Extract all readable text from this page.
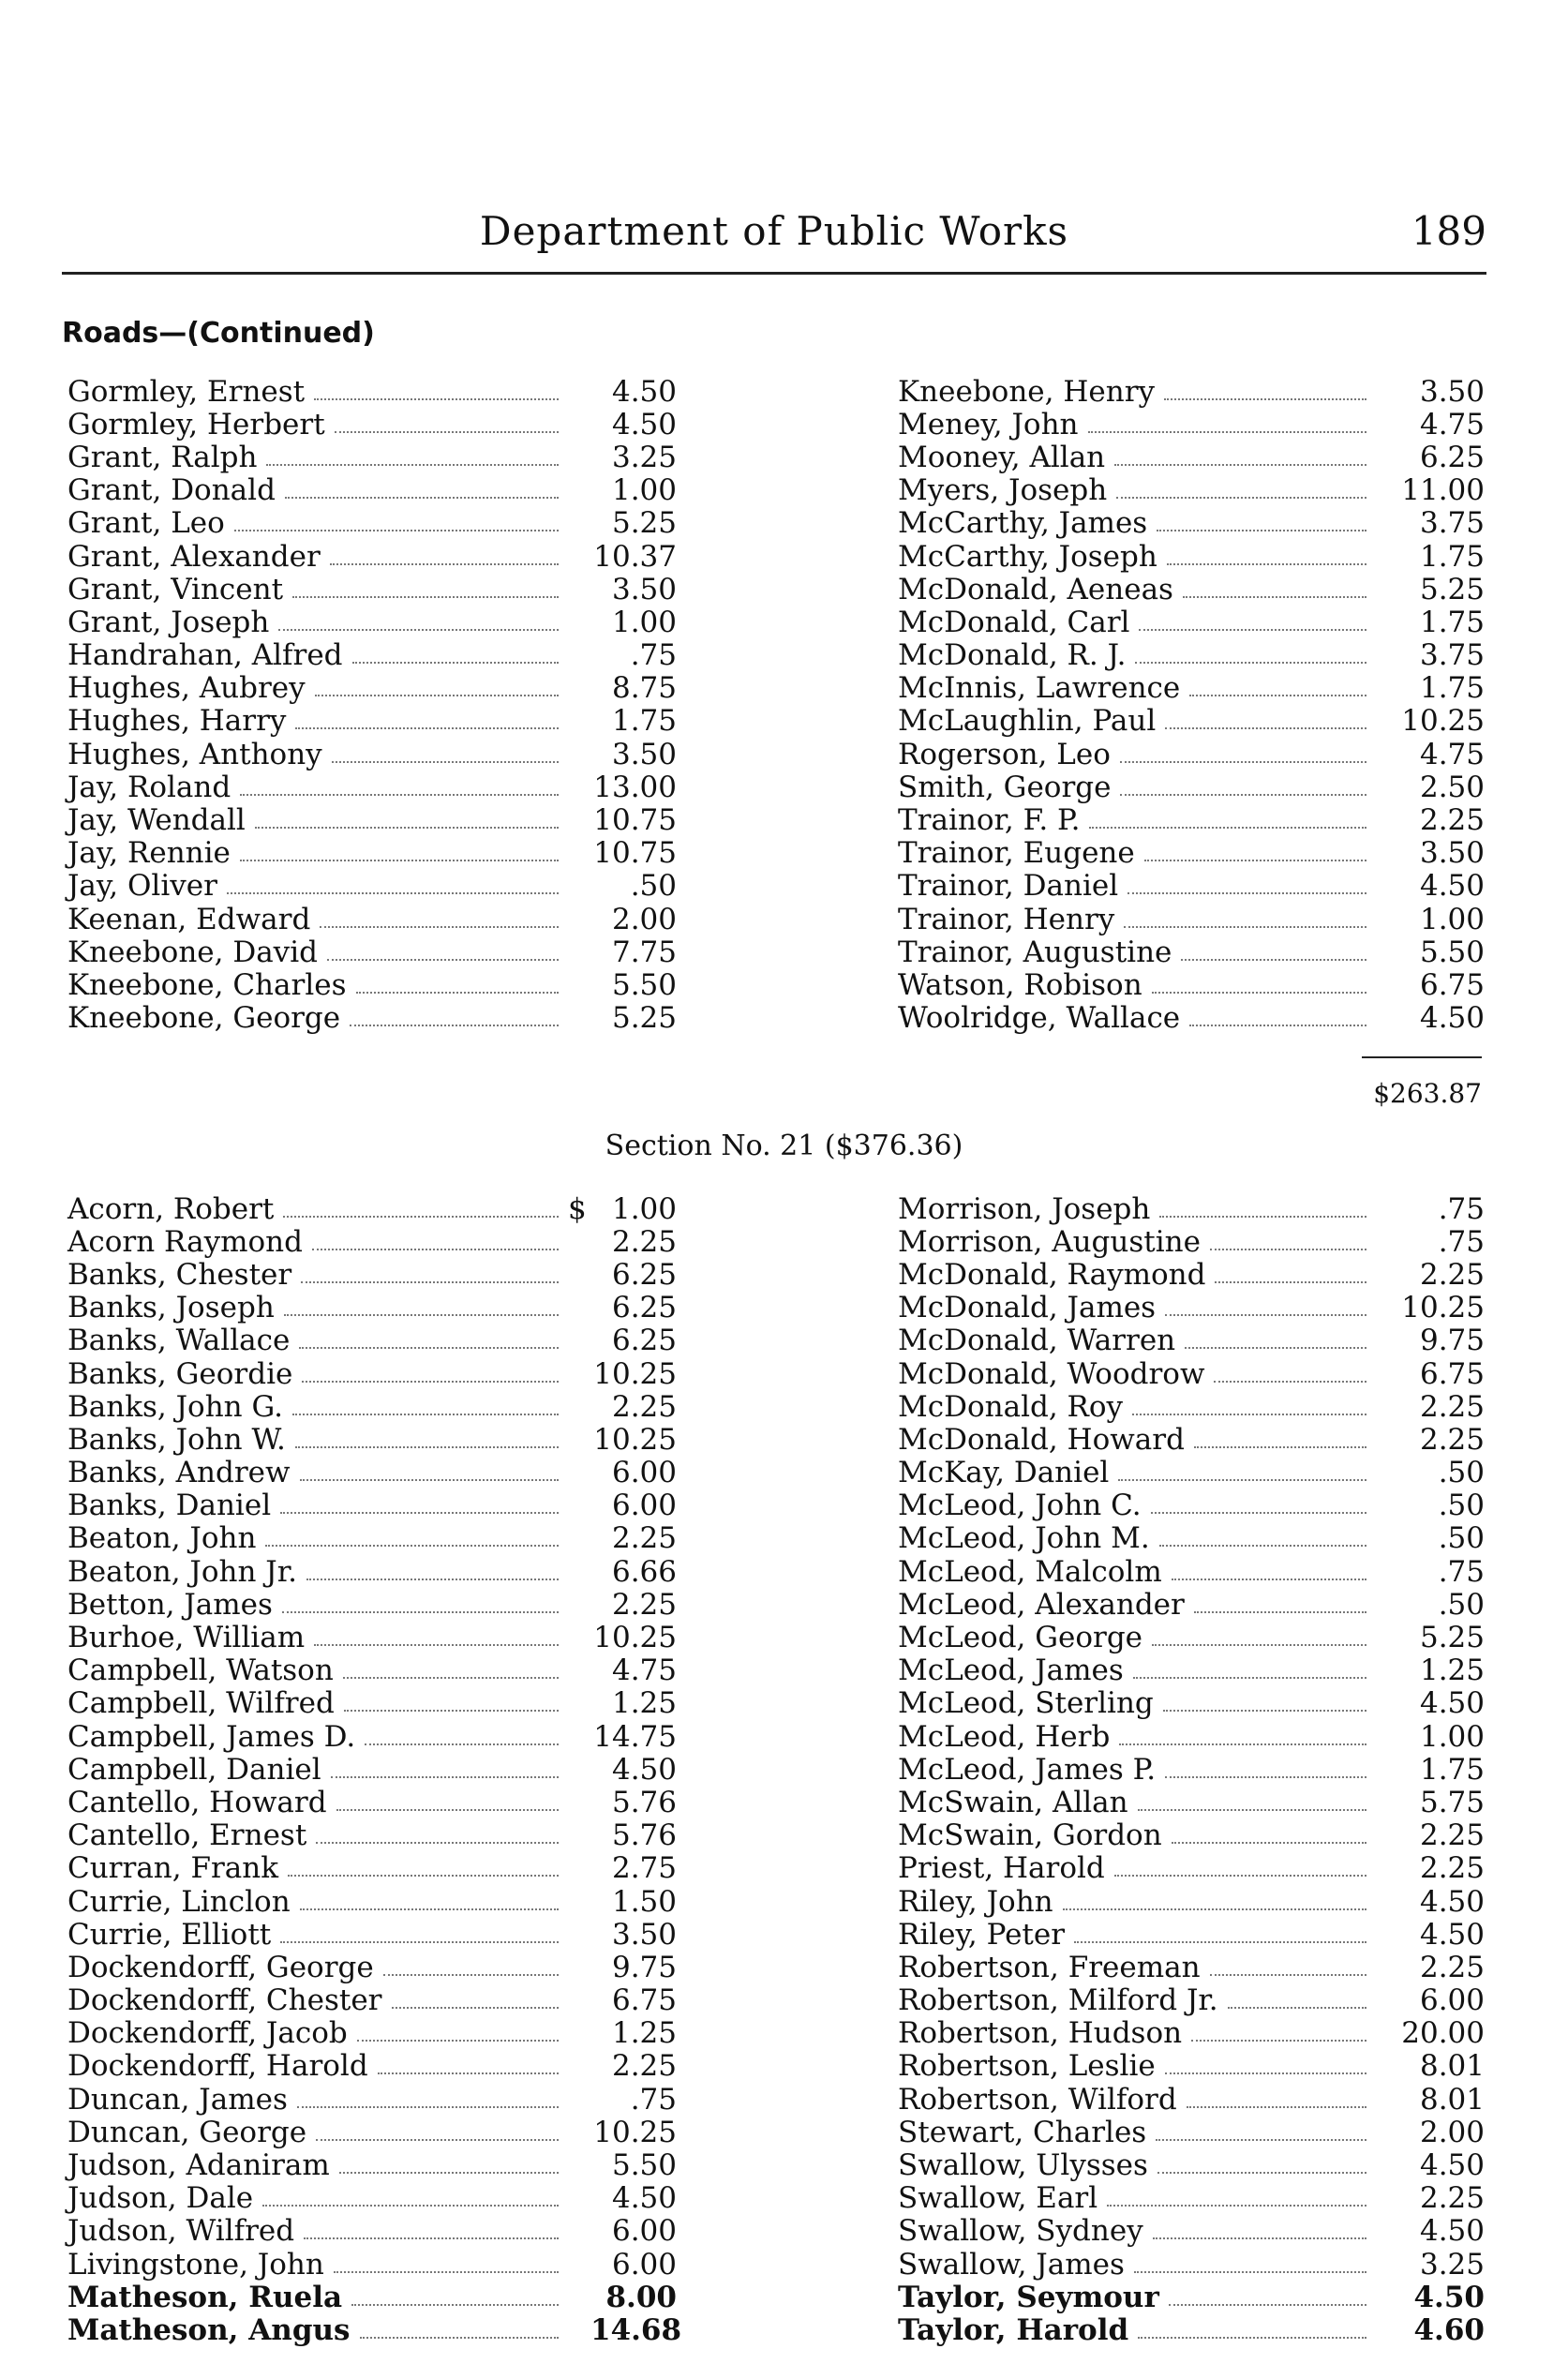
Department of Public Works	189
Roads—(Continued)
Gormley, Ernest	4.50
Gormley, Herbert	4.50
Grant, Ralph	3.25
Grant, Donald	1.00
Grant, Leo	5.25
Grant, Alexander	10.37
Grant, Vincent	3.50
Grant, Joseph	1.00
Handrahan, Alfred	.75
Hughes, Aubrey	8.75
Hughes, Harry	1.75
Hughes, Anthony	3.50
Jay, Roland	13.00
Jay, Wendall	10.75
Jay, Rennie	10.75
Jay, Oliver	.50
Keenan, Edward	2.00
Kneebone, David	7.75
Kneebone, Charles	5.50
Kneebone, George	5.25
Kneebone, Henry	3.50
Meney, John	4.75
Mooney, Allan	6.25
Myers, Joseph	11.00
McCarthy, James	3.75
McCarthy, Joseph	1.75
McDonald, Aeneas	5.25
McDonald, Carl	1.75
McDonald, R. J.	3.75
McInnis, Lawrence	1.75
McLaughlin, Paul	10.25
Rogerson, Leo	4.75
Smith, George	2.50
Trainor, F. P.	2.25
Trainor, Eugene	3.50
Trainor, Daniel	4.50
Trainor, Henry	1.00
Trainor, Augustine	5.50
Watson, Robison	6.75
Woolridge, Wallace	4.50
$263.87
Section No. 21 ($376.36)
Acorn, Robert	$ 1.00
Acorn Raymond	2.25
Banks, Chester	6.25
Banks, Joseph	6.25
Banks, Wallace	6.25
Banks, Geordie	10.25
Banks, John G.	2.25
Banks, John W.	10.25
Banks, Andrew	6.00
Banks, Daniel	6.00
Beaton, John	2.25
Beaton, John Jr.	6.66
Betton, James	2.25
Burhoe, William	10.25
Campbell, Watson	4.75
Campbell, Wilfred	1.25
Campbell, James D.	14.75
Campbell, Daniel	4.50
Cantello, Howard	5.76
Cantello, Ernest	5.76
Curran, Frank	2.75
Currie, Linclon	1.50
Currie, Elliott	3.50
Dockendorff, George	9.75
Dockendorff, Chester	6.75
Dockendorff, Jacob	1.25
Dockendorff, Harold	2.25
Duncan, James	.75
Duncan, George	10.25
Judson, Adaniram	5.50
Judson, Dale	4.50
Judson, Wilfred	6.00
Livingstone, John	6.00
Matheson, Ruela	8.00
Matheson, Angus	14.68
Morrison, Joseph	.75
Morrison, Augustine	.75
McDonald, Raymond	2.25
McDonald, James	10.25
McDonald, Warren	9.75
McDonald, Woodrow	6.75
McDonald, Roy	2.25
McDonald, Howard	2.25
McKay, Daniel	.50
McLeod, John C.	.50
McLeod, John M.	.50
McLeod, Malcolm	.75
McLeod, Alexander	.50
McLeod, George	5.25
McLeod, James	1.25
McLeod, Sterling	4.50
McLeod, Herb	1.00
McLeod, James P.	1.75
McSwain, Allan	5.75
McSwain, Gordon	2.25
Priest, Harold	2.25
Riley, John	4.50
Riley, Peter	4.50
Robertson, Freeman	2.25
Robertson, Milford Jr.	6.00
Robertson, Hudson	20.00
Robertson, Leslie	8.01
Robertson, Wilford	8.01
Stewart, Charles	2.00
Swallow, Ulysses	4.50
Swallow, Earl	2.25
Swallow, Sydney	4.50
Swallow, James	3.25
Taylor, Seymour	4.50
Taylor, Harold	4.60
